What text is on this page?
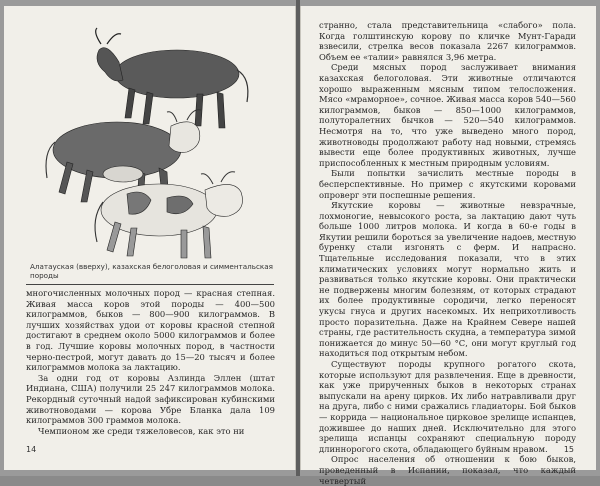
Алатауская (вверху), казахская белоголовая и симментальская породы

многочисленных молочных пород — красная степная. Живая масса коров этой породы — 400—500 килограммов, быков — 800—900 килограммов. В лучших хозяйствах удои от коровы красной степной достигают в среднем около 5000 килограммов и более в год. Лучшие коровы молочных пород, в частности черно-пестрой, могут давать до 15—20 тысяч и более килограммов молока за лактацию.

За одни год от коровы Азлинда Эллен (штат Индиана, США) получили 25 247 килограммов молока. Рекордный суточный надой зафиксирован кубинскими животноводами — корова Убре Бланка дала 109 килограммов 300 граммов молока.

Чемпионом же среди тяжеловесов, как это ни

14

странно, стала представительница «слабого» пола. Когда голштинскую корову по кличке Мунт-Гаради взвесили, стрелка весов показала 2267 килограммов. Объем ее «талии» равнялся 3,96 метра.

Среди мясных пород заслуживает внимания казахская белоголовая. Эти животные отличаются хорошо выраженным мясным типом телосложения. Мясо «мраморное», сочное. Живая масса коров 540—560 килограммов, быков — 850—1000 килограммов, полуторалетних бычков — 520—540 килограммов. Несмотря на то, что уже выведено много пород, животноводы продолжают работу над новыми, стремясь вывести еще более продуктивных животных, лучше приспособленных к местным природным условиям.

Были попытки зачислить местные породы в бесперспективные. Но пример с якутскими коровами опроверг эти поспешные решения.

Якутские коровы — животные невзрачные, лохмоногие, невысокого роста, за лактацию дают чуть больше 1000 литров молока. И когда в 60-е годы в Якутии решили бороться за увеличение надоев, местную буренку стали изгонять с ферм. И напрасно. Тщательные исследования показали, что в этих климатических условиях могут нормально жить и развиваться только якутские коровы. Они практически не подвержены многим болезням, от которых страдают их более продуктивные сородичи, легко переносят укусы гнуса и других насекомых. Их неприхотливость просто поразительна. Даже на Крайнем Севере нашей страны, где растительность скудна, а температура зимой понижается до минус 50—60 °С, они могут круглый год находиться под открытым небом.

Существуют породы крупного рогатого скота, которые используют для развлечения. Еще в древности, как уже прирученных быков в некоторых странах выпускали на арену цирков. Их либо натравливали друг на друга, либо с ними сражались гладиаторы. Бой быков — коррида — национальное цирковое зрелище испанцев, дожившее до наших дней. Исключительно для этого зрелища испанцы сохраняют специальную породу длиннорогого скота, обладающего буйным нравом.

Опрос населения об отношении к бою быков, проведенный в Испании, показал, что каждый четвертый

15
